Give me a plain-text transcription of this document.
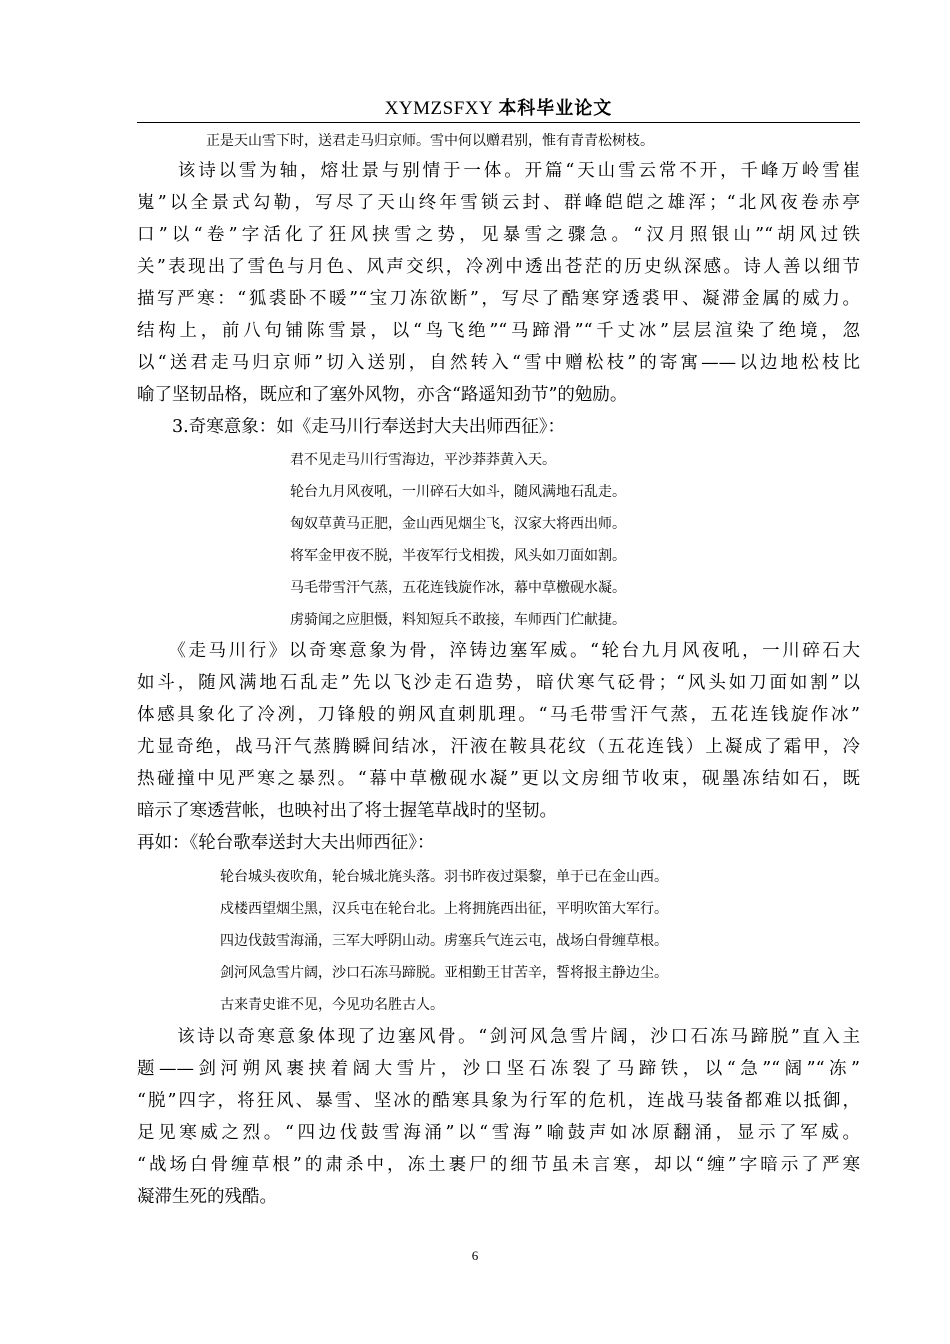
XYMZSFXY 本科毕业论文
正是天山雪下时，送君走马归京师。雪中何以赠君别，惟有青青松树枝。
　　该诗以雪为轴，熔壮景与别情于一体。开篇“天山雪云常不开，千峰万岭雪崔
嵬”以全景式勾勒，写尽了天山终年雪锁云封、群峰皑皑之雄浑；“北风夜卷赤亭
口”以“卷”字活化了狂风挟雪之势，见暴雪之骤急。“汉月照银山”“胡风过铁
关”表现出了雪色与月色、风声交织，冷冽中透出苍茫的历史纵深感。诗人善以细节
描写严寒：“狐裘卧不暖”“宝刀冻欲断”，写尽了酷寒穿透裘甲、凝滞金属的威力。
结构上，前八句铺陈雪景，以“鸟飞绝”“马蹄滑”“千丈冰”层层渲染了绝境，忽
以“送君走马归京师”切入送别，自然转入“雪中赠松枝”的寄寓——以边地松枝比
喻了坚韧品格，既应和了塞外风物，亦含“路遥知劲节”的勉励。
3.奇寒意象：如《走马川行奉送封大夫出师西征》：
君不见走马川行雪海边，平沙莽莽黄入天。
轮台九月风夜吼，一川碎石大如斗，随风满地石乱走。
匈奴草黄马正肥，金山西见烟尘飞，汉家大将西出师。
将军金甲夜不脱，半夜军行戈相拨，风头如刀面如割。
马毛带雪汗气蒸，五花连钱旋作冰，幕中草檄砚水凝。
虏骑闻之应胆慑，料知短兵不敢接，车师西门伫献捷。
　　《走马川行》以奇寒意象为骨，淬铸边塞军威。“轮台九月风夜吼，一川碎石大
如斗，随风满地石乱走”先以飞沙走石造势，暗伏寒气砭骨；“风头如刀面如割”以
体感具象化了冷冽，刀锋般的朔风直刺肌理。“马毛带雪汗气蒸，五花连钱旋作冰”
尤显奇绝，战马汗气蒸腾瞬间结冰，汗液在鞍具花纹（五花连钱）上凝成了霜甲，冷
热碰撞中见严寒之暴烈。“幕中草檄砚水凝”更以文房细节收束，砚墨冻结如石，既
暗示了寒透营帐，也映衬出了将士握笔草战时的坚韧。
再如：《轮台歌奉送封大夫出师西征》：
轮台城头夜吹角，轮台城北旄头落。羽书昨夜过渠黎，单于已在金山西。
戍楼西望烟尘黑，汉兵屯在轮台北。上将拥旄西出征，平明吹笛大军行。
四边伐鼓雪海涌，三军大呼阴山动。虏塞兵气连云屯，战场白骨缠草根。
剑河风急雪片阔，沙口石冻马蹄脱。亚相勤王甘苦辛，誓将报主静边尘。
古来青史谁不见，今见功名胜古人。
　　该诗以奇寒意象体现了边塞风骨。“剑河风急雪片阔，沙口石冻马蹄脱”直入主
题——剑河朔风裹挟着阔大雪片，沙口坚石冻裂了马蹄铁，以“急”“阔”“冻”
“脱”四字，将狂风、暴雪、坚冰的酷寒具象为行军的危机，连战马装备都难以抵御，
足见寒威之烈。“四边伐鼓雪海涌”以“雪海”喻鼓声如冰原翻涌，显示了军威。
“战场白骨缠草根”的肃杀中，冻土裹尸的细节虽未言寒，却以“缠”字暗示了严寒
凝滞生死的残酷。
6
